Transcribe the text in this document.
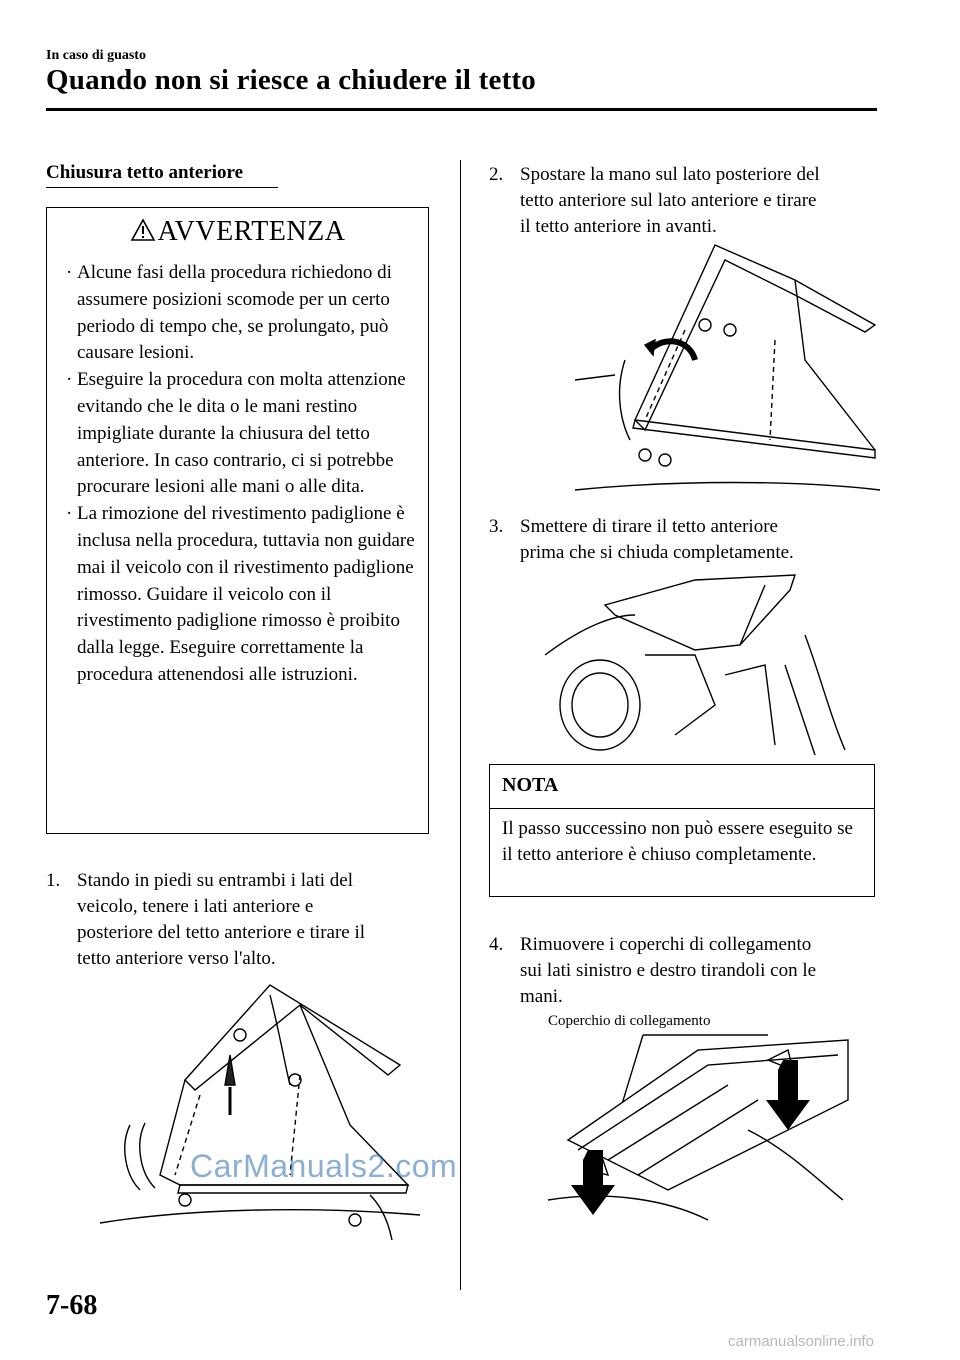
In caso di guasto
Quando non si riesce a chiudere il tetto
Chiusura tetto anteriore
AVVERTENZA
· Alcune fasi della procedura richiedono di assumere posizioni scomode per un certo periodo di tempo che, se prolungato, può causare lesioni.
· Eseguire la procedura con molta attenzione evitando che le dita o le mani restino impigliate durante la chiusura del tetto anteriore. In caso contrario, ci si potrebbe procurare lesioni alle mani o alle dita.
· La rimozione del rivestimento padiglione è inclusa nella procedura, tuttavia non guidare mai il veicolo con il rivestimento padiglione rimosso. Guidare il veicolo con il rivestimento padiglione rimosso è proibito dalla legge. Eseguire correttamente la procedura attenendosi alle istruzioni.
1. Stando in piedi su entrambi i lati del
veicolo, tenere i lati anteriore e
posteriore del tetto anteriore e tirare il
tetto anteriore verso l'alto.
2. Spostare la mano sul lato posteriore del
tetto anteriore sul lato anteriore e tirare
il tetto anteriore in avanti.
3. Smettere di tirare il tetto anteriore
prima che si chiuda completamente.
NOTA
Il passo successino non può essere eseguito se il tetto anteriore è chiuso completamente.
4. Rimuovere i coperchi di collegamento
sui lati sinistro e destro tirandoli con le
mani.
Coperchio di collegamento
CarManuals2.com
7-68
carmanualsonline.info
